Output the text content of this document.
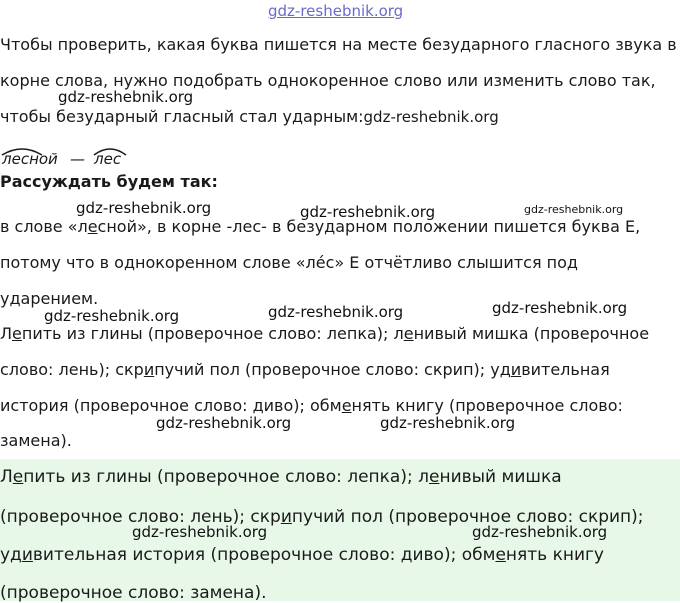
gdz-reshebnik.org
Чтобы проверить, какая буква пишется на месте безударного гласного звука в
корне слова, нужно подобрать однокоренное слово или изменить слово так,
gdz-reshebnik.org
чтобы безударный гласный стал ударным:gdz-reshebnik.org
лесной — лес
Рассуждать будем так:
gdz-reshebnik.org	gdz-reshebnik.org	gdz-reshebnik.org
в слове «лесной», в корне -лес- в безударном положении пишется буква Е,
потому что в однокоренном слове «ле́с» Е отчётливо слышится под
ударением.
gdz-reshebnik.org	gdz-reshebnik.org	gdz-reshebnik.org
Лепить из глины (проверочное слово: лепка); ленивый мишка (проверочное
слово: лень); скрипучий пол (проверочное слово: скрип); удивительная
история (проверочное слово: диво); обменять книгу (проверочное слово:
gdz-reshebnik.org	gdz-reshebnik.org
замена).
Лепить из глины (проверочное слово: лепка); ленивый мишка
(проверочное слово: лень); скрипучий пол (проверочное слово: скрип);
gdz-reshebnik.org	gdz-reshebnik.org
удивительная история (проверочное слово: диво); обменять книгу
(проверочное слово: замена).
